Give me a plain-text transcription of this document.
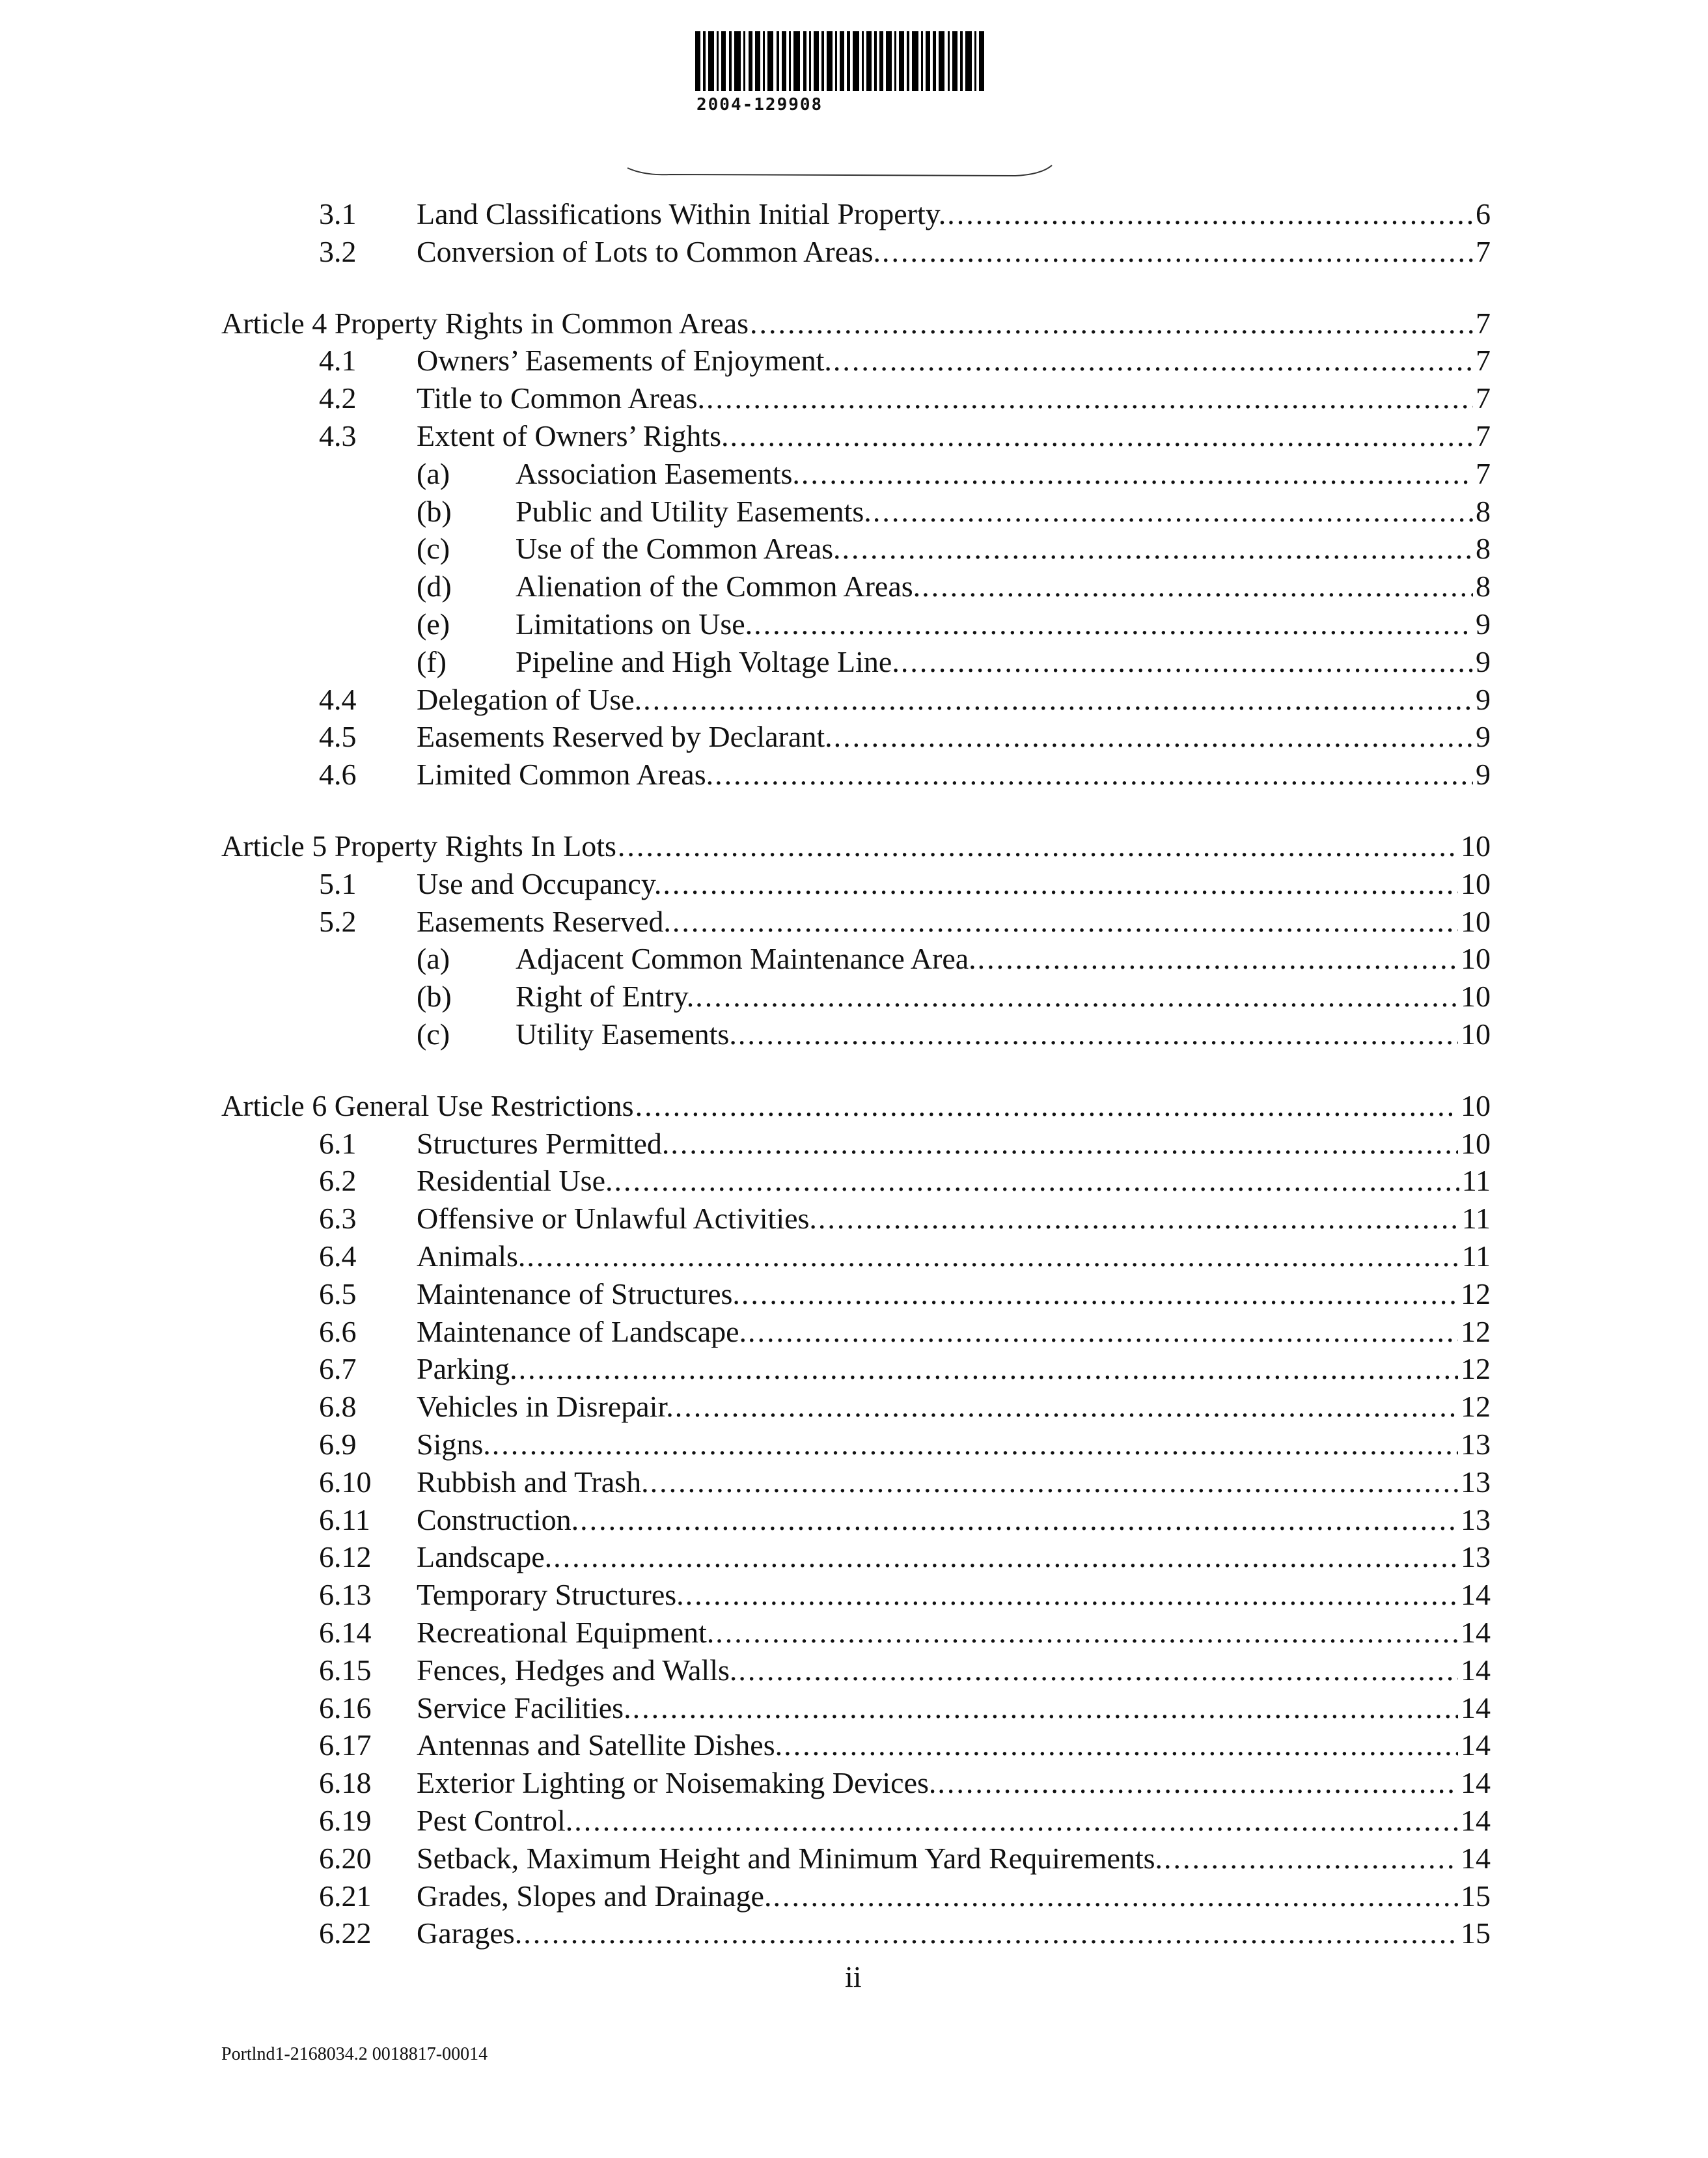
2004-129908
3.1 Land Classifications Within Initial Property. .....	6
3.2 Conversion of Lots to Common Areas. .....	7
Article 4 Property Rights in Common Areas .....	7
4.1 Owners’ Easements of Enjoyment. .....	7
4.2 Title to Common Areas. .....	7
4.3 Extent of Owners’ Rights. .....	7
(a) Association Easements. .....	7
(b) Public and Utility Easements. .....	8
(c) Use of the Common Areas. .....	8
(d) Alienation of the Common Areas. .....	8
(e) Limitations on Use. .....	9
(f) Pipeline and High Voltage Line. .....	9
4.4 Delegation of Use. .....	9
4.5 Easements Reserved by Declarant. .....	9
4.6 Limited Common Areas. .....	9
Article 5 Property Rights In Lots .....	10
5.1 Use and Occupancy. .....	10
5.2 Easements Reserved. .....	10
(a) Adjacent Common Maintenance Area. .....	10
(b) Right of Entry. .....	10
(c) Utility Easements. .....	10
Article 6 General Use Restrictions .....	10
6.1 Structures Permitted. .....	10
6.2 Residential Use. .....	11
6.3 Offensive or Unlawful Activities. .....	11
6.4 Animals. .....	11
6.5 Maintenance of Structures. .....	12
6.6 Maintenance of Landscape. .....	12
6.7 Parking. .....	12
6.8 Vehicles in Disrepair. .....	12
6.9 Signs. .....	13
6.10 Rubbish and Trash. .....	13
6.11 Construction. .....	13
6.12 Landscape. .....	13
6.13 Temporary Structures. .....	14
6.14 Recreational Equipment. .....	14
6.15 Fences, Hedges and Walls. .....	14
6.16 Service Facilities. .....	14
6.17 Antennas and Satellite Dishes. .....	14
6.18 Exterior Lighting or Noisemaking Devices. .....	14
6.19 Pest Control. .....	14
6.20 Setback, Maximum Height and Minimum Yard Requirements. .....	14
6.21 Grades, Slopes and Drainage. .....	15
6.22 Garages. .....	15
ii
Portlnd1-2168034.2 0018817-00014
